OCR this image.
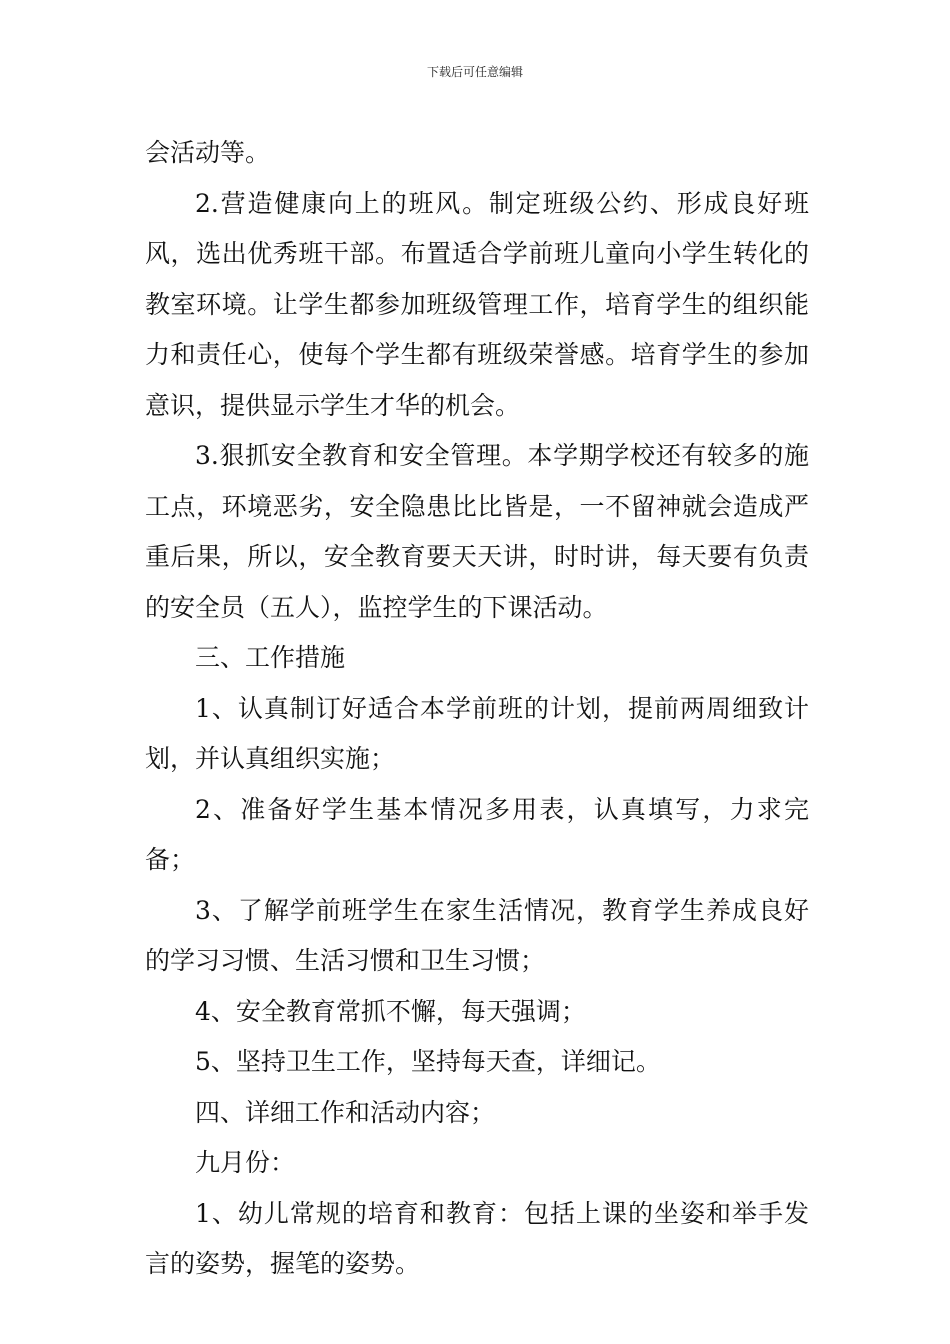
下载后可任意编辑

会活动等。

2.营造健康向上的班风。制定班级公约、形成良好班风，选出优秀班干部。布置适合学前班儿童向小学生转化的教室环境。让学生都参加班级管理工作，培育学生的组织能力和责任心，使每个学生都有班级荣誉感。培育学生的参加意识，提供显示学生才华的机会。

3.狠抓安全教育和安全管理。本学期学校还有较多的施工点，环境恶劣，安全隐患比比皆是，一不留神就会造成严重后果，所以，安全教育要天天讲，时时讲，每天要有负责的安全员（五人），监控学生的下课活动。

三、工作措施

1、认真制订好适合本学前班的计划，提前两周细致计划，并认真组织实施；

2、准备好学生基本情况多用表，认真填写，力求完备；

3、了解学前班学生在家生活情况，教育学生养成良好的学习习惯、生活习惯和卫生习惯；

4、安全教育常抓不懈，每天强调；

5、坚持卫生工作，坚持每天查，详细记。

四、详细工作和活动内容；

九月份：

1、幼儿常规的培育和教育：包括上课的坐姿和举手发言的姿势，握笔的姿势。
